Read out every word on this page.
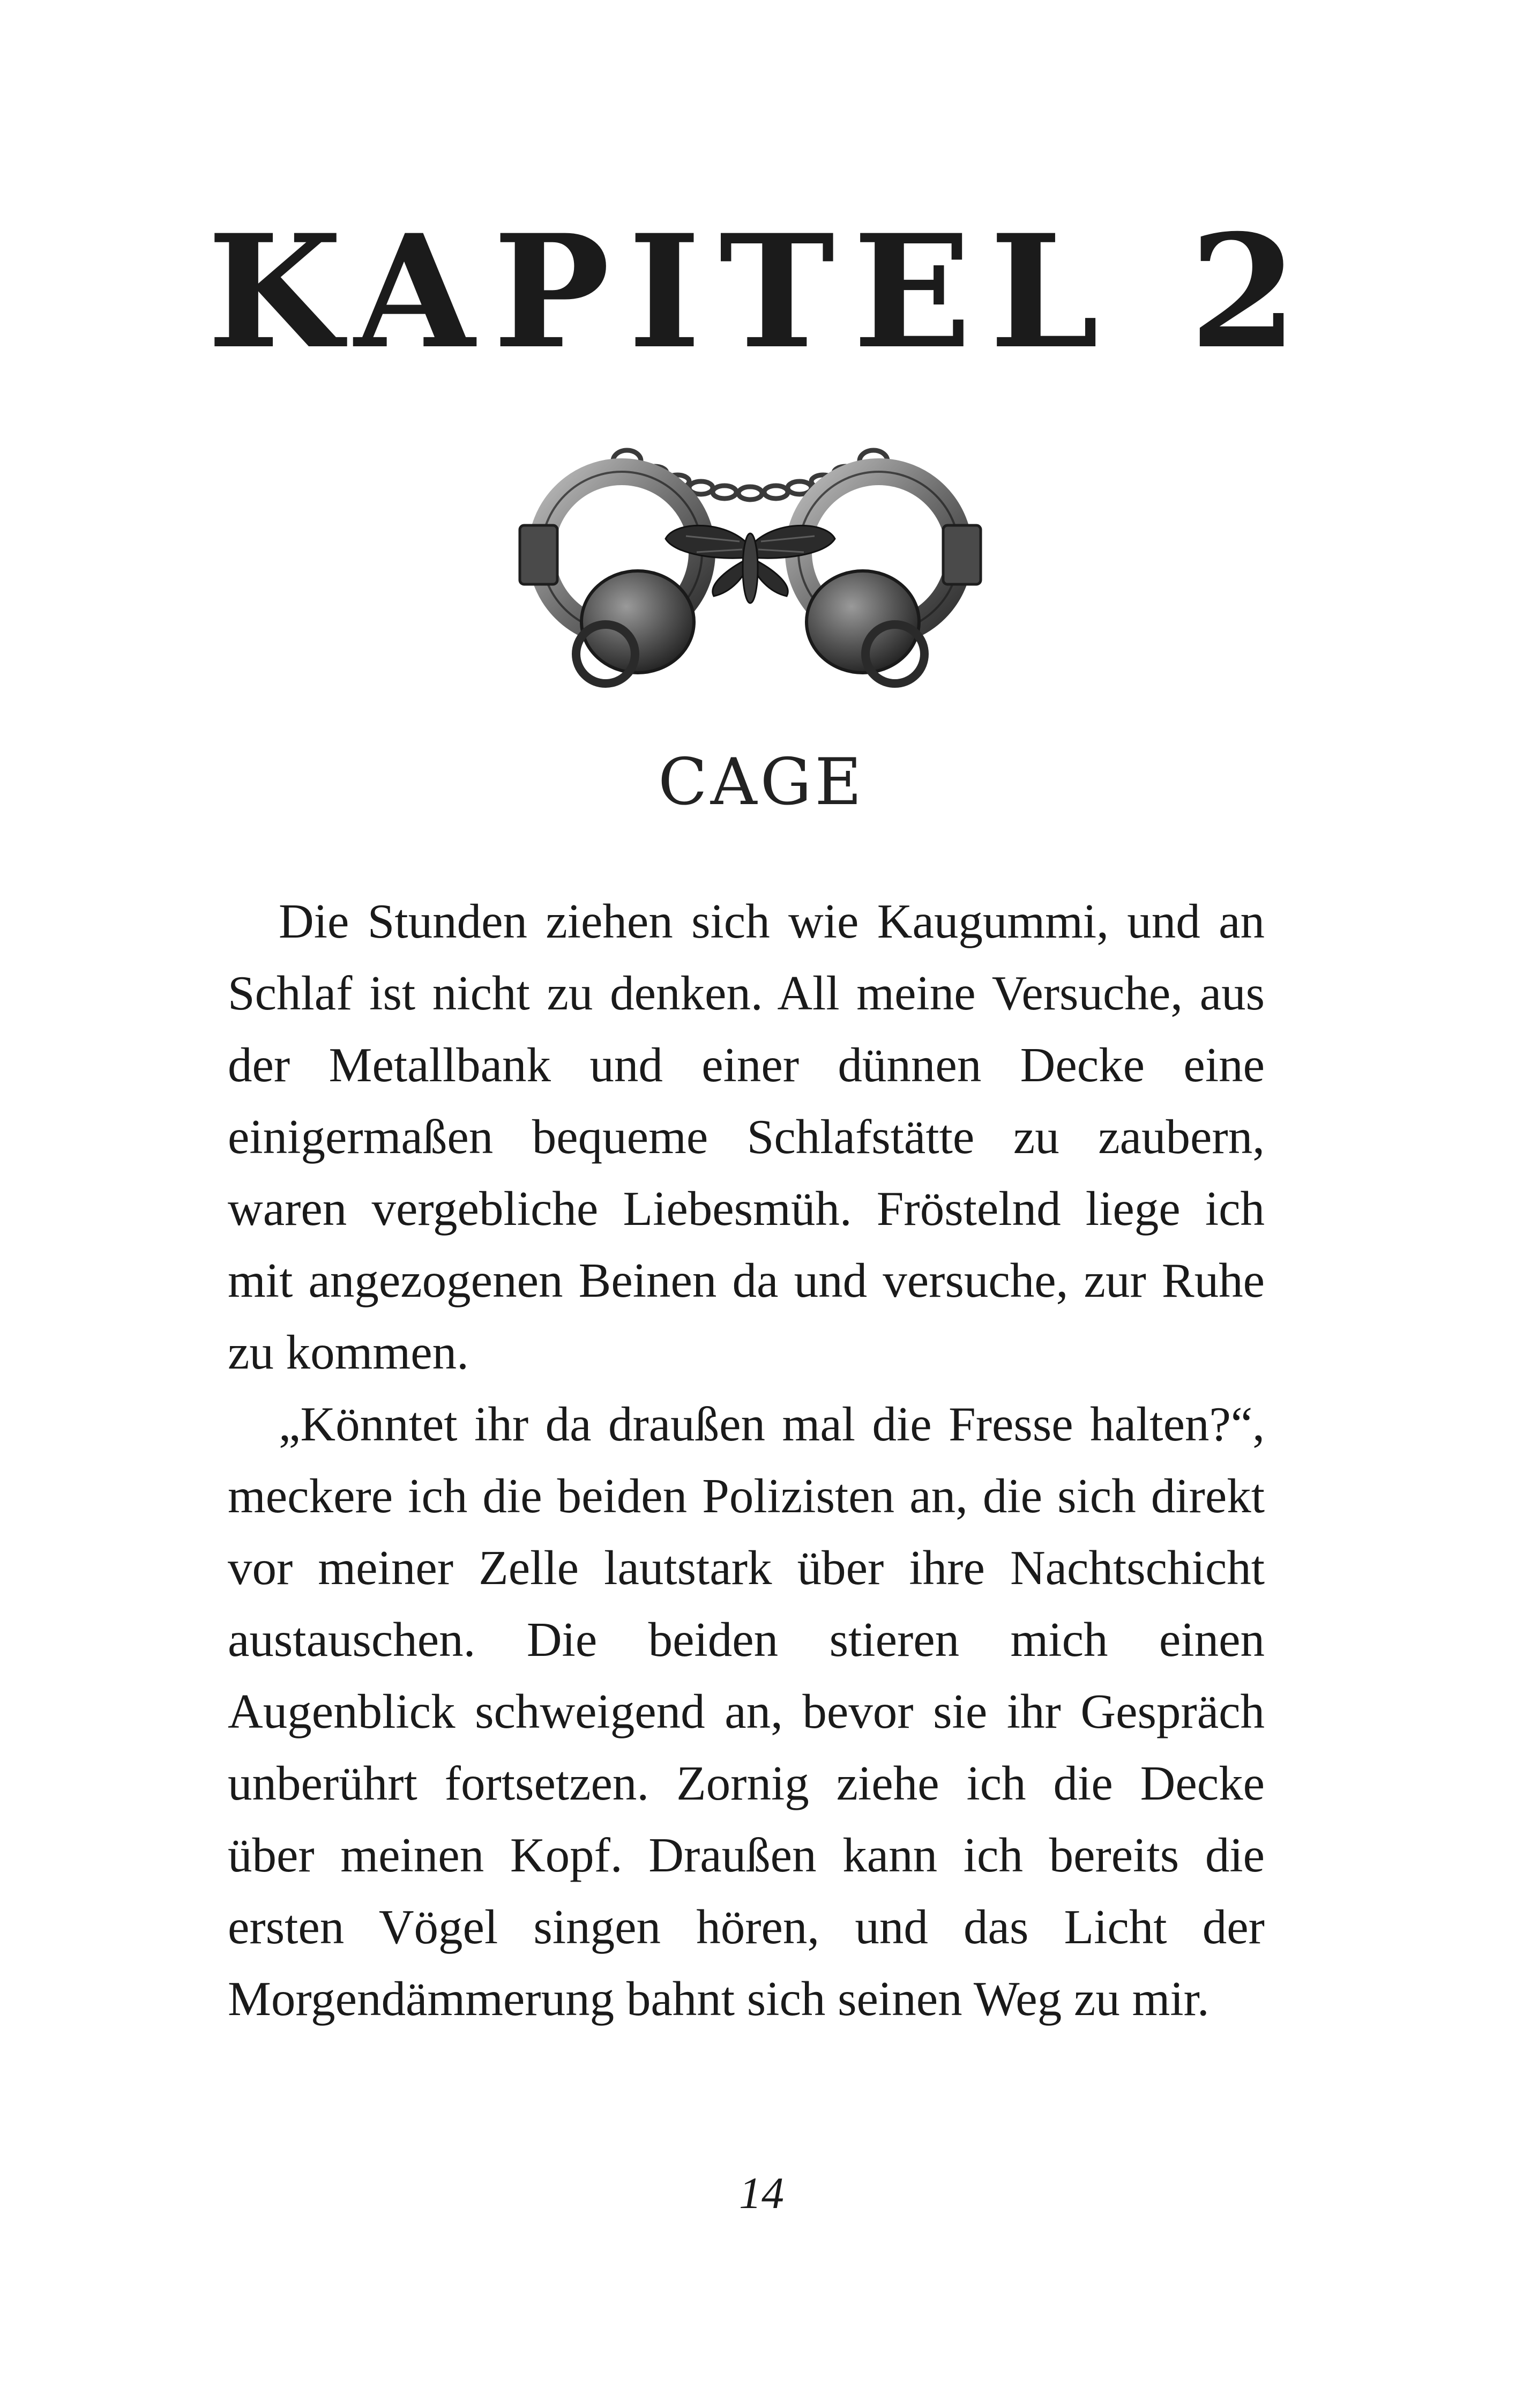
KAPITEL 2
CAGE

Die Stunden ziehen sich wie Kaugummi, und an Schlaf ist nicht zu denken. All meine Versuche, aus der Metallbank und einer dünnen Decke eine einigermaßen bequeme Schlafstätte zu zaubern, waren vergebliche Liebesmüh. Fröstelnd liege ich mit angezogenen Beinen da und versuche, zur Ruhe zu kommen.

„Könntet ihr da draußen mal die Fresse halten?“, meckere ich die beiden Polizisten an, die sich direkt vor meiner Zelle lautstark über ihre Nachtschicht austauschen. Die beiden stieren mich einen Augenblick schweigend an, bevor sie ihr Gespräch unberührt fortsetzen. Zornig ziehe ich die Decke über meinen Kopf. Draußen kann ich bereits die ersten Vögel singen hören, und das Licht der Morgendämmerung bahnt sich seinen Weg zu mir.

14
